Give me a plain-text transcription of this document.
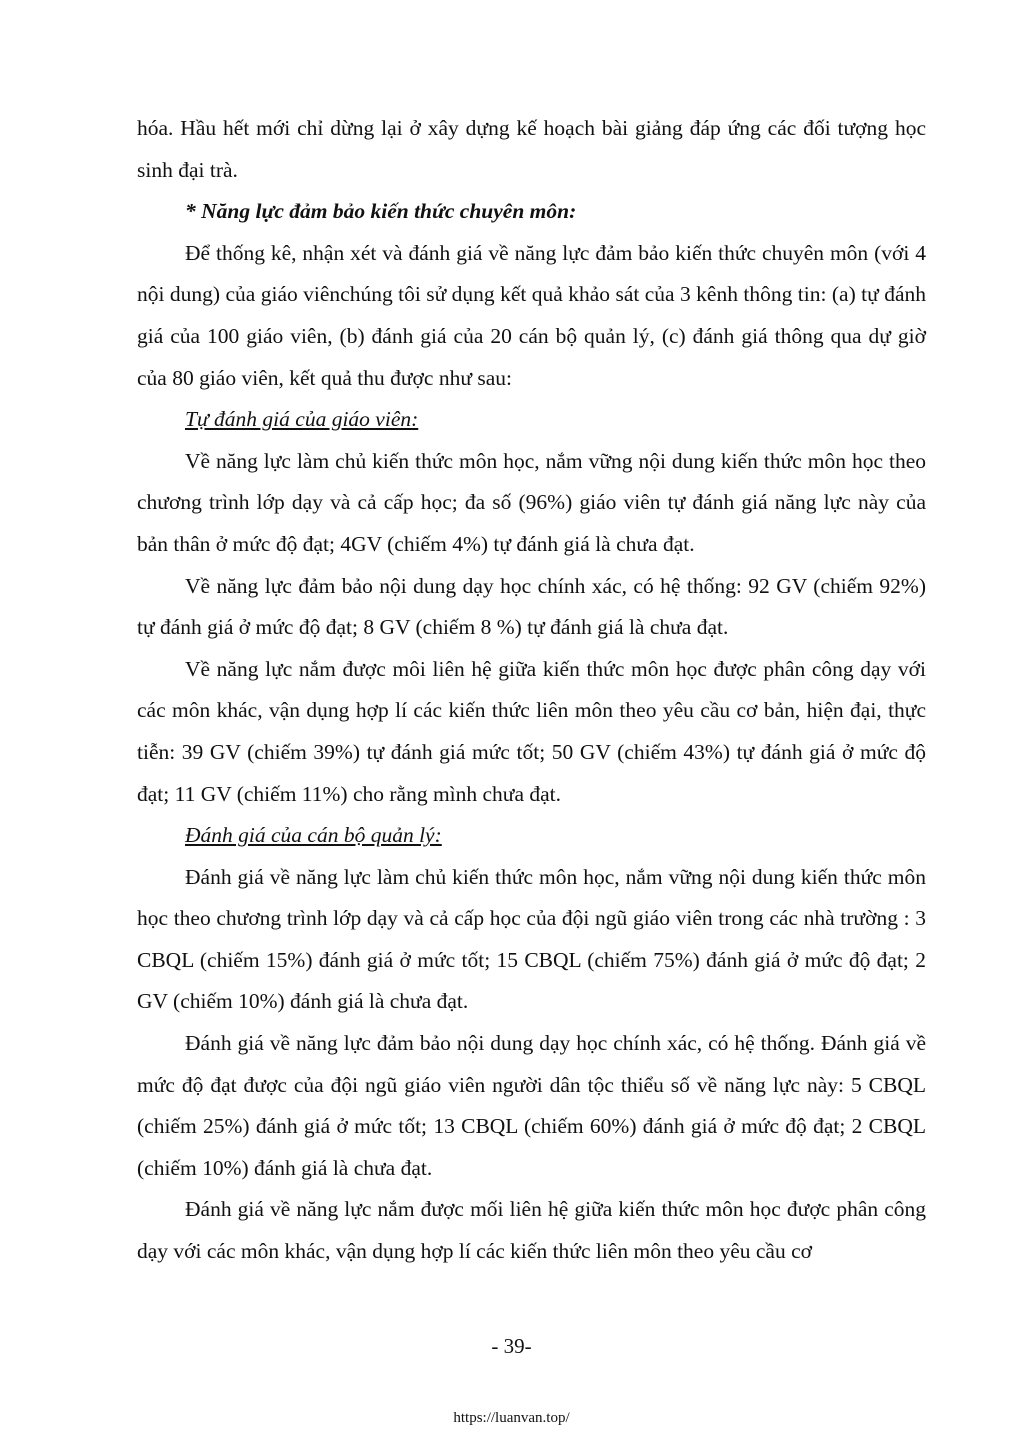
hóa. Hầu hết mới chỉ dừng lại ở xây dựng kế hoạch bài giảng đáp ứng các đối tượng học sinh đại trà.

* Năng lực đảm bảo kiến thức chuyên môn:

Để thống kê, nhận xét và đánh giá về năng lực đảm bảo kiến thức chuyên môn (với 4 nội dung) của giáo viênchúng tôi sử dụng kết quả khảo sát của 3 kênh thông tin: (a) tự đánh giá của 100 giáo viên, (b) đánh giá của 20 cán bộ quản lý, (c) đánh giá thông qua dự giờ của 80 giáo viên, kết quả thu được như sau:

Tự đánh giá của giáo viên:

Về năng lực làm chủ kiến thức môn học, nắm vững nội dung kiến thức môn học theo chương trình lớp dạy và cả cấp học; đa số (96%) giáo viên tự đánh giá năng lực này của bản thân ở mức độ đạt; 4GV (chiếm 4%) tự đánh giá là chưa đạt.

Về năng lực đảm bảo nội dung dạy học chính xác, có hệ thống: 92 GV (chiếm 92%) tự đánh giá ở mức độ đạt; 8 GV (chiếm 8 %) tự đánh giá là chưa đạt.

Về năng lực nắm được môi liên hệ giữa kiến thức môn học được phân công dạy với các môn khác, vận dụng hợp lí các kiến thức liên môn theo yêu cầu cơ bản, hiện đại, thực tiễn: 39 GV (chiếm 39%) tự đánh giá mức tốt; 50 GV (chiếm 43%) tự đánh giá ở mức độ đạt; 11 GV (chiếm 11%) cho rằng mình chưa đạt.

Đánh giá của cán bộ quản lý:

Đánh giá về năng lực làm chủ kiến thức môn học, nắm vững nội dung kiến thức môn học theo chương trình lớp dạy và cả cấp học của đội ngũ giáo viên trong các nhà trường : 3 CBQL (chiếm 15%) đánh giá ở mức tốt; 15 CBQL (chiếm 75%) đánh giá ở mức độ đạt; 2 GV (chiếm 10%) đánh giá là chưa đạt.

Đánh giá về năng lực đảm bảo nội dung dạy học chính xác, có hệ thống. Đánh giá về mức độ đạt được của đội ngũ giáo viên người dân tộc thiểu số về năng lực này: 5 CBQL (chiếm 25%) đánh giá ở mức tốt; 13 CBQL (chiếm 60%) đánh giá ở mức độ đạt; 2 CBQL (chiếm 10%) đánh giá là chưa đạt.

Đánh giá về năng lực nắm được mối liên hệ giữa kiến thức môn học được phân công dạy với các môn khác, vận dụng hợp lí các kiến thức liên môn theo yêu cầu cơ

- 39-
https://luanvan.top/
